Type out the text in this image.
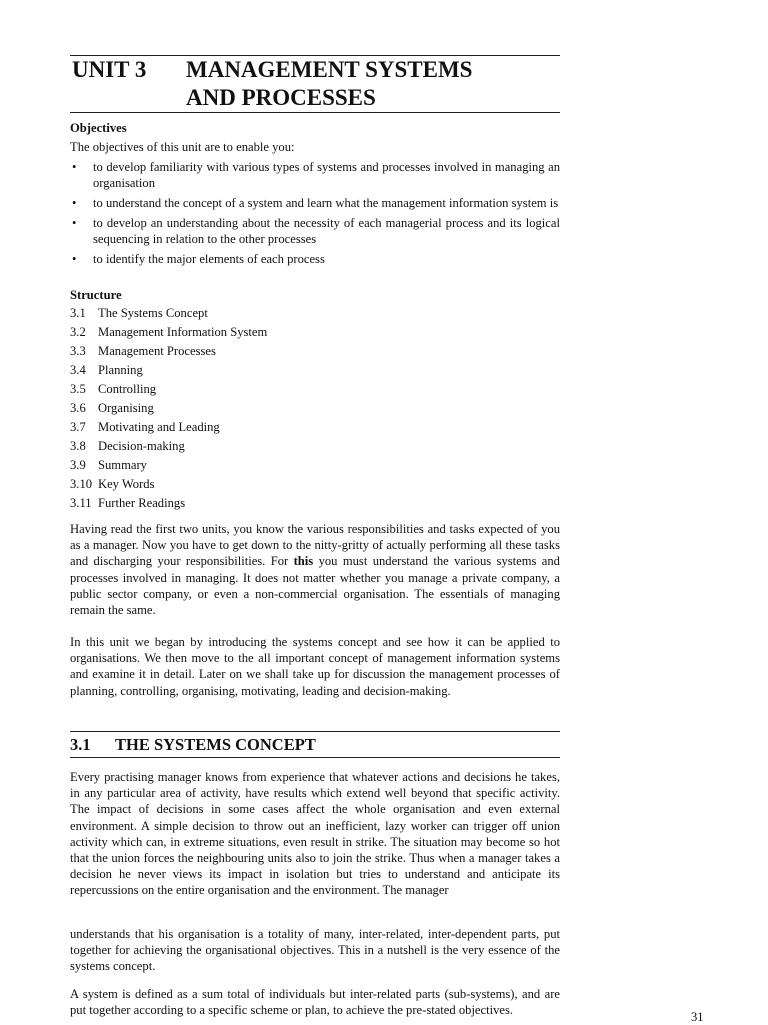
UNIT 3 MANAGEMENT SYSTEMS
AND PROCESSES
Objectives
The objectives of this unit are to enable you:
• to develop familiarity with various types of systems and processes involved in managing an organisation
• to understand the concept of a system and learn what the management information system is
• to develop an understanding about the necessity of each managerial process and its logical sequencing in relation to the other processes
• to identify the major elements of each process
Structure
3.1 The Systems Concept
3.2 Management Information System
3.3 Management Processes
3.4 Planning
3.5 Controlling
3.6 Organising
3.7 Motivating and Leading
3.8 Decision-making
3.9 Summary
3.10 Key Words
3.11 Further Readings
Having read the first two units, you know the various responsibilities and tasks expected of you as a manager. Now you have to get down to the nitty-gritty of actually performing all these tasks and discharging your responsibilities. For this you must understand the various systems and processes involved in managing. It does not matter whether you manage a private company, a public sector company, or even a non-commercial organisation. The essentials of managing remain the same.
In this unit we began by introducing the systems concept and see how it can be applied to organisations. We then move to the all important concept of management information systems and examine it in detail. Later on we shall take up for discussion the management processes of planning, controlling, organising, motivating, leading and decision-making.
3.1 THE SYSTEMS CONCEPT
Every practising manager knows from experience that whatever actions and decisions he takes, in any particular area of activity, have results which extend well beyond that specific activity. The impact of decisions in some cases affect the whole organisation and even external environment. A simple decision to throw out an inefficient, lazy worker can trigger off union activity which can, in extreme situations, even result in strike. The situation may become so hot that the union forces the neighbouring units also to join the strike. Thus when a manager takes a decision he never views its impact in isolation but tries to understand and anticipate its repercussions on the entire organisation and the environment. The manager
understands that his organisation is a totality of many, inter-related, inter-dependent parts, put together for achieving the organisational objectives. This in a nutshell is the very essence of the systems concept.
A system is defined as a sum total of individuals but inter-related parts (sub-systems), and are put together according to a specific scheme or plan, to achieve the pre-stated objectives.	31
